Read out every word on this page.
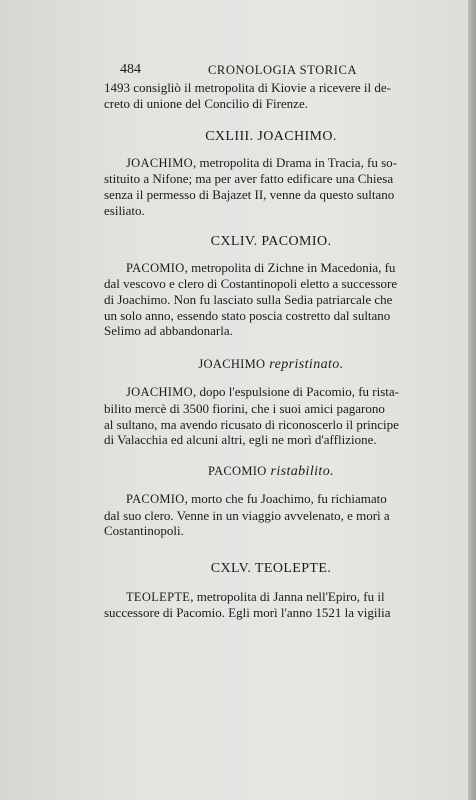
484	CRONOLOGIA STORICA

1493 consigliò il metropolita di Kiovie a ricevere il de-
creto di unione del Concilio di Firenze.

CXLIII. JOACHIMO.

JOACHIMO, metropolita di Drama in Tracia, fu so-
stituito a Nifone; ma per aver fatto edificare una Chiesa
senza il permesso di Bajazet II, venne da questo sultano
esiliato.

CXLIV. PACOMIO.

PACOMIO, metropolita di Zichne in Macedonia, fu
dal vescovo e clero di Costantinopoli eletto a successore
di Joachimo. Non fu lasciato sulla Sedia patriarcale che
un solo anno, essendo stato poscia costretto dal sultano
Selimo ad abbandonarla.

JOACHIMO repristinato.

JOACHIMO, dopo l'espulsione di Pacomio, fu rista-
bilito mercè di 3500 fiorini, che i suoi amici pagarono
al sultano, ma avendo ricusato di riconoscerlo il principe
di Valacchia ed alcuni altri, egli ne morì d'afflizione.

PACOMIO ristabilito.

PACOMIO, morto che fu Joachimo, fu richiamato
dal suo clero. Venne in un viaggio avvelenato, e morì a
Costantinopoli.

CXLV. TEOLEPTE.

TEOLEPTE, metropolita di Janna nell'Epiro, fu il
successore di Pacomio. Egli morì l'anno 1521 la vigilia
